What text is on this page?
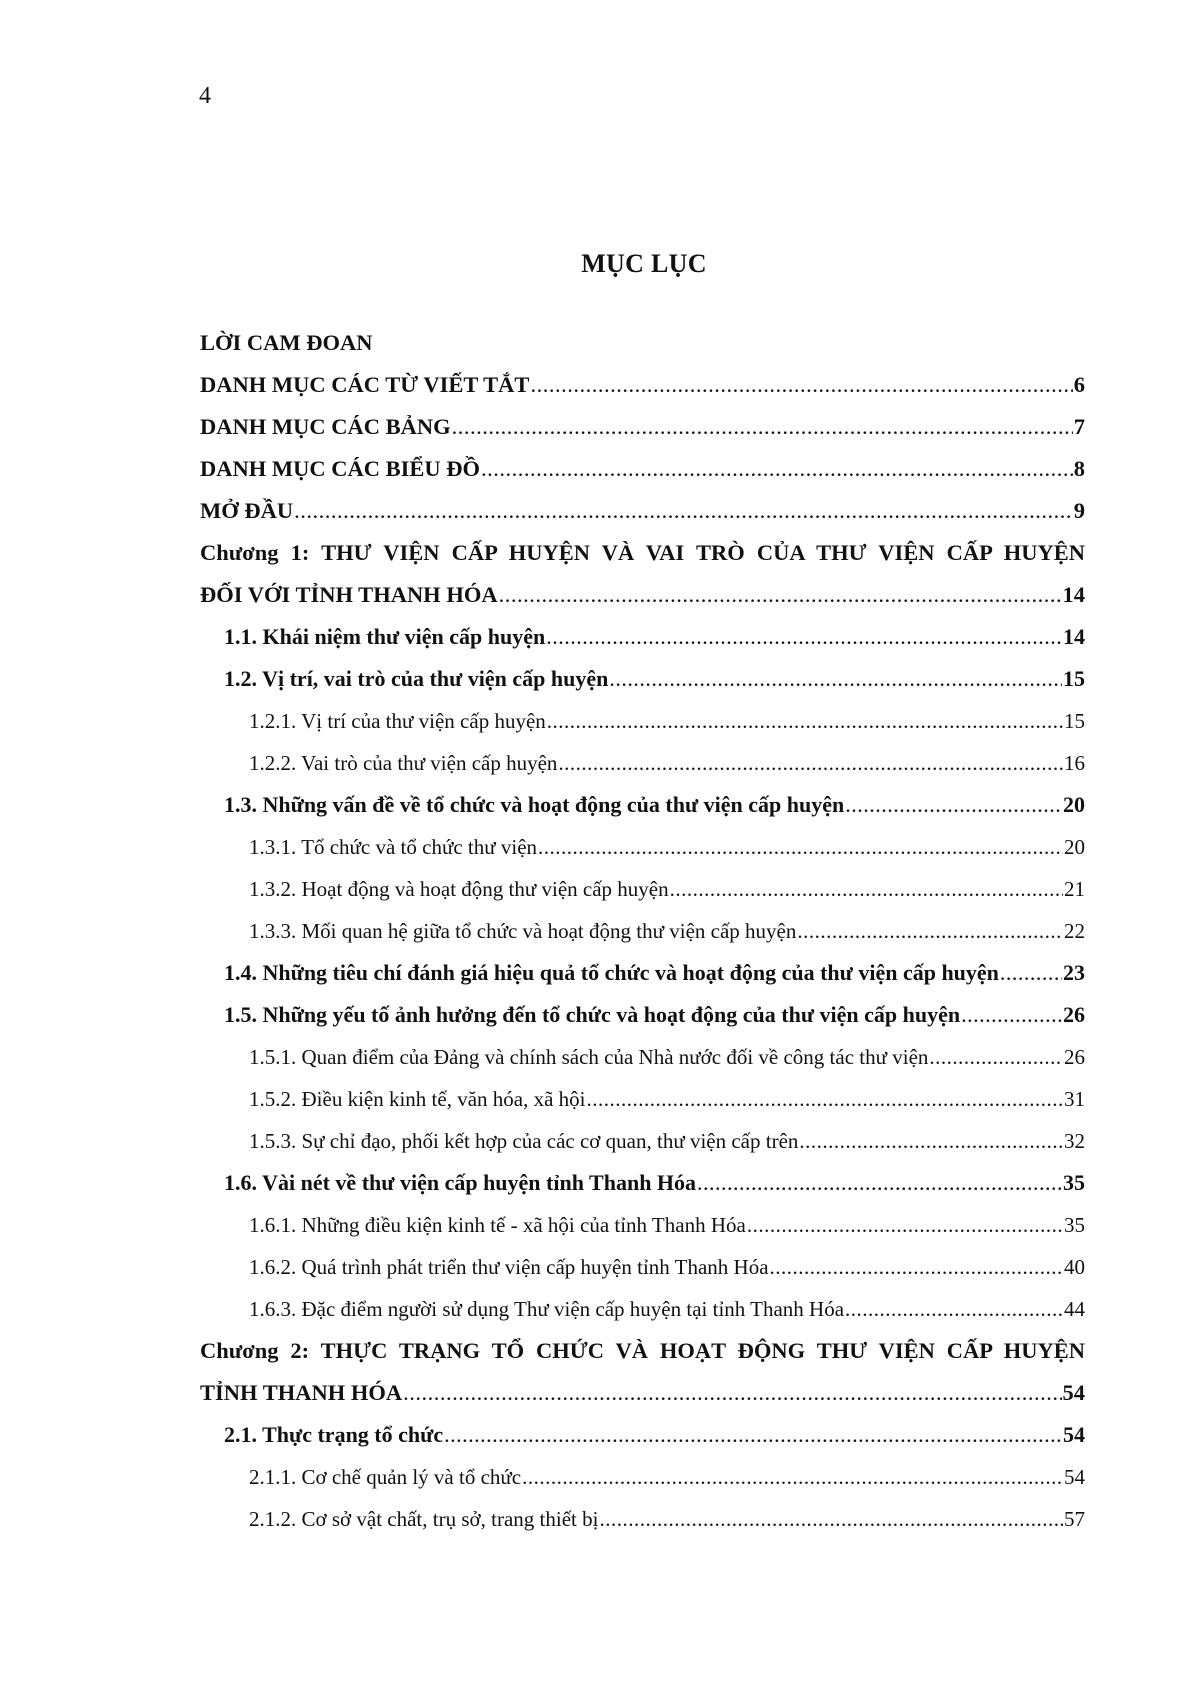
4
MỤC LỤC
LỜI CAM ĐOAN
DANH MỤC CÁC TỪ VIẾT TẮT .....	6
DANH MỤC CÁC BẢNG .....	7
DANH MỤC CÁC BIỂU ĐỒ .....	8
MỞ ĐẦU .....	9
Chương 1: THƯ VIỆN CẤP HUYỆN VÀ VAI TRÒ CỦA THƯ VIỆN CẤP HUYỆN
ĐỐI VỚI TỈNH THANH HÓA .....	14
1.1. Khái niệm thư viện cấp huyện .....	14
1.2. Vị trí, vai trò của thư viện cấp huyện .....	15
1.2.1. Vị trí của thư viện cấp huyện .....	15
1.2.2. Vai trò của thư viện cấp huyện .....	16
1.3. Những vấn đề về tổ chức và hoạt động của thư viện cấp huyện .....	20
1.3.1. Tổ chức và tổ chức thư viện .....	20
1.3.2. Hoạt động và hoạt động thư viện cấp huyện .....	21
1.3.3. Mối quan hệ giữa tổ chức và hoạt động thư viện cấp huyện .....	22
1.4. Những tiêu chí đánh giá hiệu quả tổ chức và hoạt động của thư viện cấp huyện .....	23
1.5. Những yếu tố ảnh hưởng đến tổ chức và hoạt động của thư viện cấp huyện .....	26
1.5.1. Quan điểm của Đảng và chính sách của Nhà nước đối về công tác thư viện .....	26
1.5.2. Điều kiện kinh tế, văn hóa, xã hội .....	31
1.5.3. Sự chỉ đạo, phối kết hợp của các cơ quan, thư viện cấp trên .....	32
1.6. Vài nét về thư viện cấp huyện tỉnh Thanh Hóa .....	35
1.6.1. Những điều kiện kinh tế - xã hội của tỉnh Thanh Hóa .....	35
1.6.2. Quá trình phát triển thư viện cấp huyện tỉnh Thanh Hóa .....	40
1.6.3. Đặc điểm người sử dụng Thư viện cấp huyện tại tỉnh Thanh Hóa .....	44
Chương 2: THỰC TRẠNG TỔ CHỨC VÀ HOẠT ĐỘNG THƯ VIỆN CẤP HUYỆN
TỈNH THANH HÓA .....	54
2.1. Thực trạng tổ chức .....	54
2.1.1. Cơ chế quản lý và tổ chức .....	54
2.1.2. Cơ sở vật chất, trụ sở, trang thiết bị .....	57
